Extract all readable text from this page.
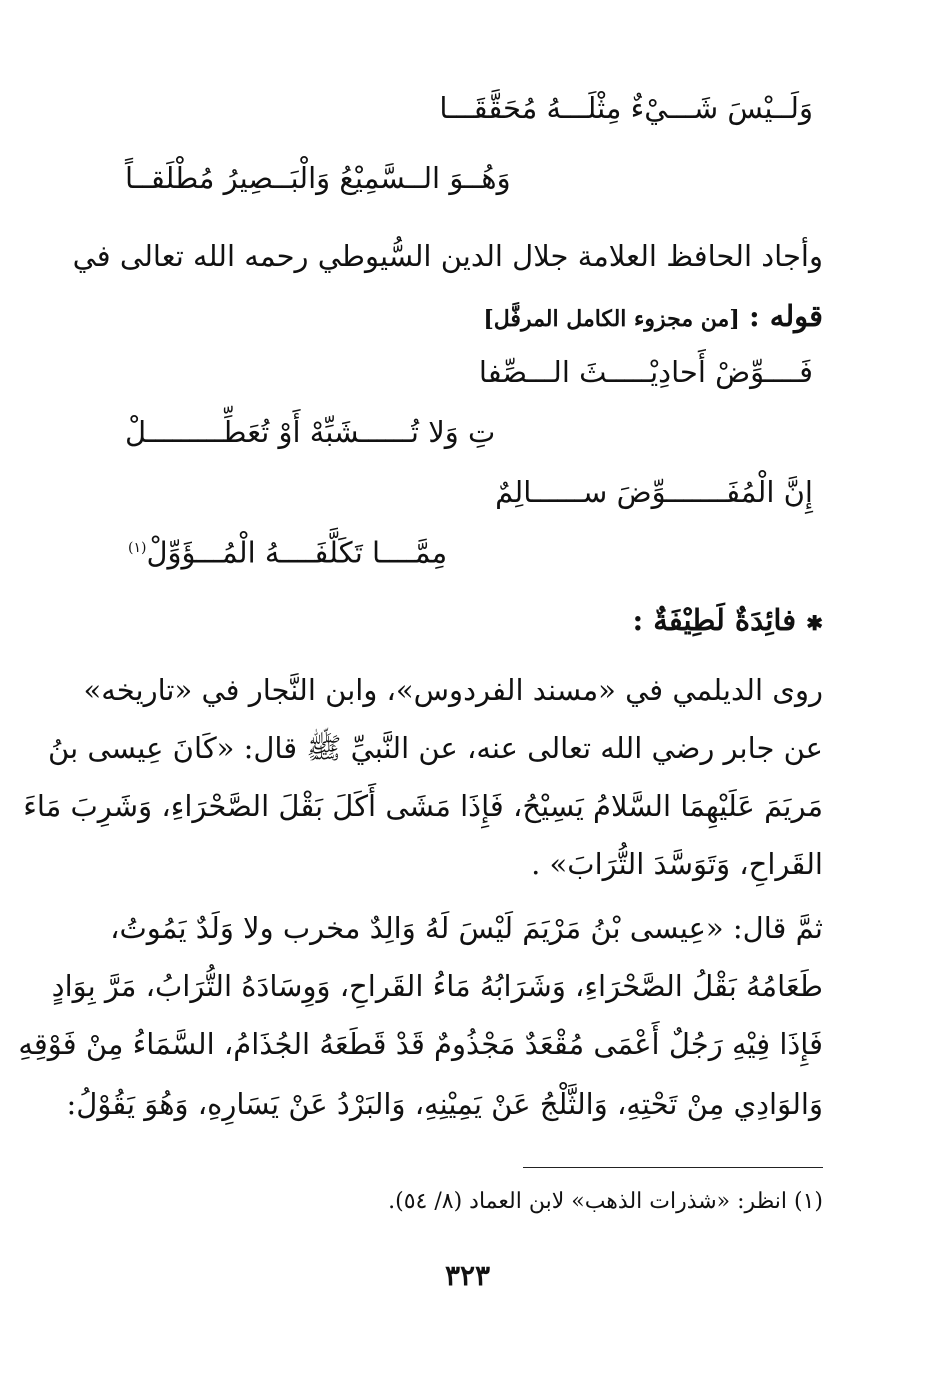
وَلَــيْسَ شَـــيْءٌ مِثْلَـــهُ مُحَقَّقَـــا
وَهُــوَ الــسَّمِيْعُ وَالْبَــصِيرُ مُطْلَقــاً
وأجاد الحافظ العلامة جلال الدين السُّيوطي رحمه الله تعالى في
قوله : [من مجزوء الكامل المرفَّل]
فَــــوِّضْ أَحادِيْـــــثَ الـــصِّفا
تِ وَلا تُــــــشَبِّهْ أَوْ تُعَطِّـــــــــلْ
إِنَّ الْمُفَـــــــوِّضَ ســــــالِمٌ
مِمَّــــا تَكَلَّفَــــهُ الْمُـــؤَوِّلْ$^{(١)}$
✱ فائِدَةٌ لَطِيْفَةٌ :
روى الديلمي في «مسند الفردوس»، وابن النَّجار في «تاريخه»
عن جابر رضي الله تعالى عنه، عن النَّبيِّ ﷺ قال: «كَانَ عِيسى بنُ
مَريَمَ عَلَيْهِمَا السَّلامُ يَسِيْحُ، فَإِذَا مَشَى أَكَلَ بَقْلَ الصَّحْرَاءِ، وَشَرِبَ مَاءَ
القَراحِ، وَتَوَسَّدَ التُّرَابَ» .
ثمَّ قال: «عِيسى بْنُ مَرْيَمَ لَيْسَ لَهُ وَالِدٌ مخرب ولا وَلَدٌ يَمُوتُ،
طَعَامُهُ بَقْلُ الصَّحْرَاءِ، وَشَرَابُهُ مَاءُ القَراحِ، وَوِسَادَهُ التُّرَابُ، مَرَّ بِوَادٍ
فَإِذَا فِيْهِ رَجُلٌ أَعْمَى مُقْعَدٌ مَجْذُومٌ قَدْ قَطَعَهُ الجُذَامُ، السَّمَاءُ مِنْ فَوْقِهِ
وَالوَادِي مِنْ تَحْتِهِ، وَالثَّلْجُ عَنْ يَمِيْنِهِ، وَالبَرْدُ عَنْ يَسَارِهِ، وَهُوَ يَقُوْلُ:
(١) انظر: «شذرات الذهب» لابن العماد (٨/ ٥٤).
٣٢٣
